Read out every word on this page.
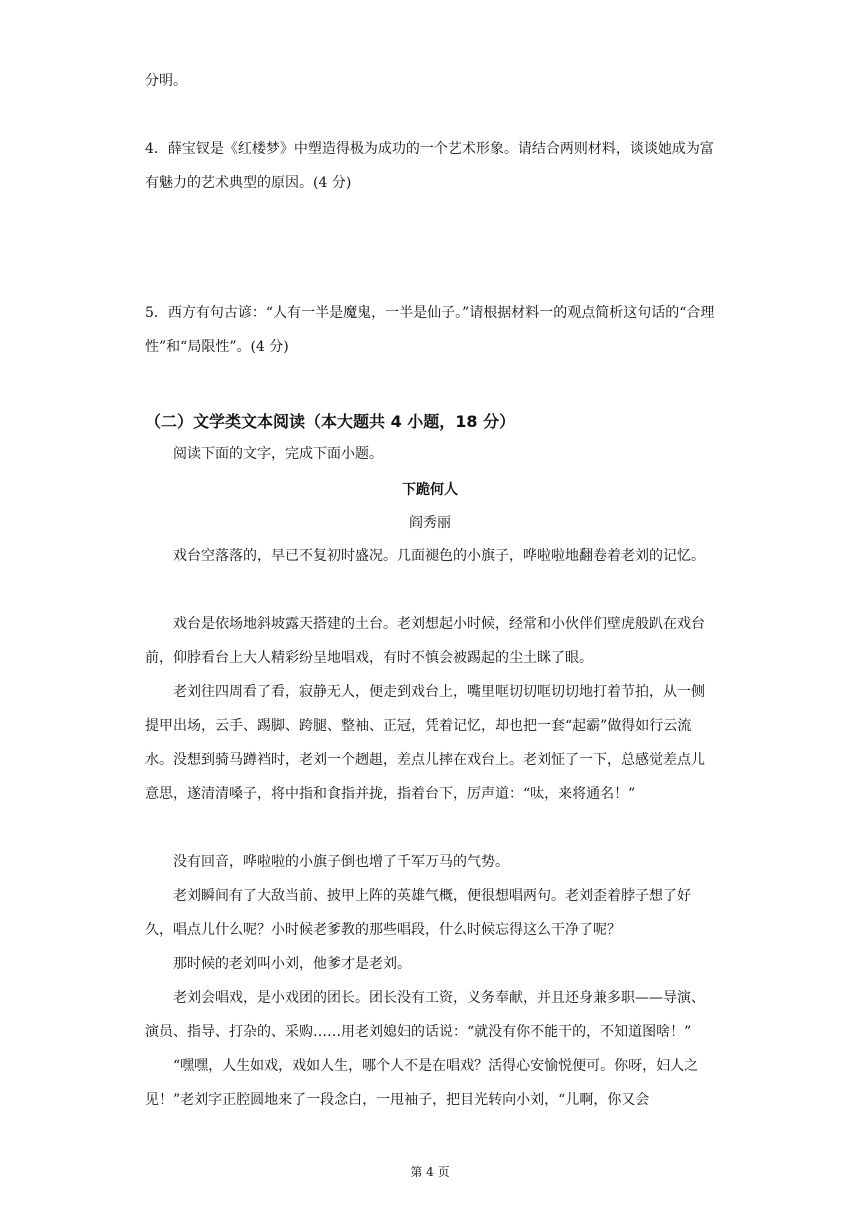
分明。

4．薛宝钗是《红楼梦》中塑造得极为成功的一个艺术形象。请结合两则材料，谈谈她成为富有魅力的艺术典型的原因。(4 分)

5．西方有句古谚：“人有一半是魔鬼，一半是仙子。”请根据材料一的观点简析这句话的“合理性”和“局限性”。(4 分)

（二）文学类文本阅读（本大题共 4 小题，18 分）

阅读下面的文字，完成下面小题。

下跪何人

阎秀丽

戏台空落落的，早已不复初时盛况。几面褪色的小旗子，哗啦啦地翻卷着老刘的记忆。

戏台是依场地斜坡露天搭建的土台。老刘想起小时候，经常和小伙伴们壁虎般趴在戏台前，仰脖看台上大人精彩纷呈地唱戏，有时不慎会被踢起的尘土眯了眼。

老刘往四周看了看，寂静无人，便走到戏台上，嘴里哐切切哐切切地打着节拍，从一侧提甲出场，云手、踢脚、跨腿、整袖、正冠，凭着记忆，却也把一套“起霸”做得如行云流水。没想到骑马蹲裆时，老刘一个趔趄，差点儿摔在戏台上。老刘怔了一下，总感觉差点儿意思，遂清清嗓子，将中指和食指并拢，指着台下，厉声道：“呔，来将通名！”

没有回音，哗啦啦的小旗子倒也增了千军万马的气势。

老刘瞬间有了大敌当前、披甲上阵的英雄气概，便很想唱两句。老刘歪着脖子想了好久，唱点儿什么呢？小时候老爹教的那些唱段，什么时候忘得这么干净了呢？

那时候的老刘叫小刘，他爹才是老刘。

老刘会唱戏，是小戏团的团长。团长没有工资，义务奉献，并且还身兼多职——导演、演员、指导、打杂的、采购……用老刘媳妇的话说：“就没有你不能干的，不知道图啥！”

“嘿嘿，人生如戏，戏如人生，哪个人不是在唱戏？活得心安愉悦便可。你呀，妇人之见！”老刘字正腔圆地来了一段念白，一甩袖子，把目光转向小刘，“儿啊，你又会

第 4 页
